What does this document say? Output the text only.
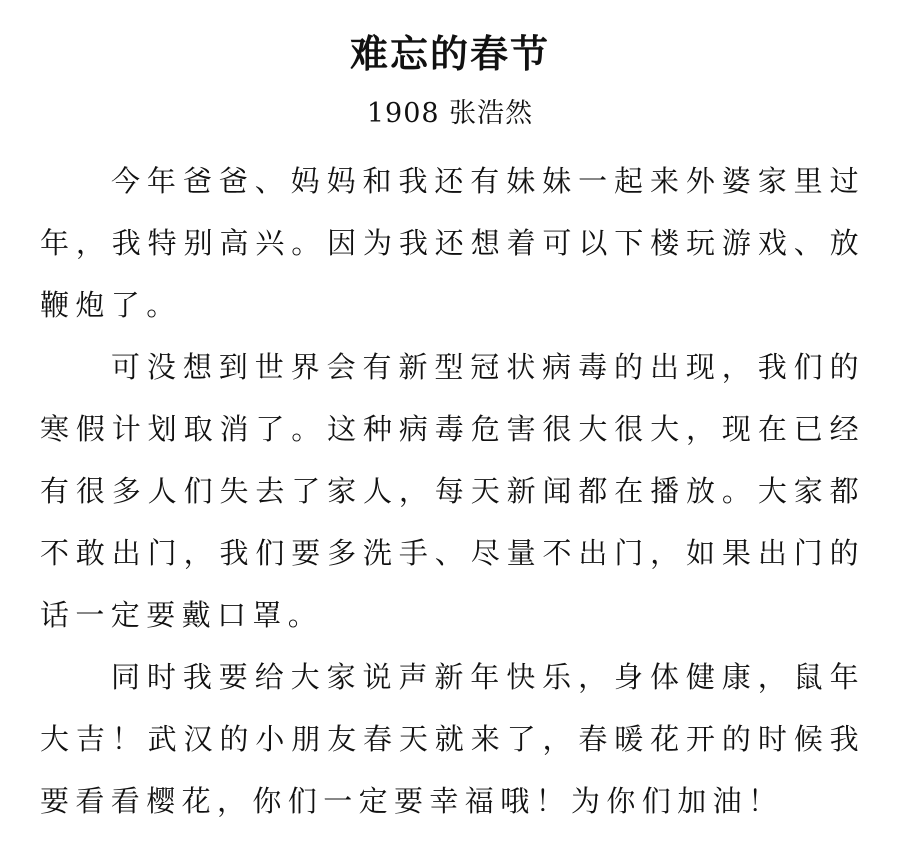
难忘的春节
1908 张浩然

今年爸爸、妈妈和我还有妹妹一起来外婆家里过年，我特别高兴。因为我还想着可以下楼玩游戏、放鞭炮了。

可没想到世界会有新型冠状病毒的出现，我们的寒假计划取消了。这种病毒危害很大很大，现在已经有很多人们失去了家人，每天新闻都在播放。大家都不敢出门，我们要多洗手、尽量不出门，如果出门的话一定要戴口罩。

同时我要给大家说声新年快乐，身体健康，鼠年大吉！武汉的小朋友春天就来了，春暖花开的时候我要看看樱花，你们一定要幸福哦！为你们加油！
